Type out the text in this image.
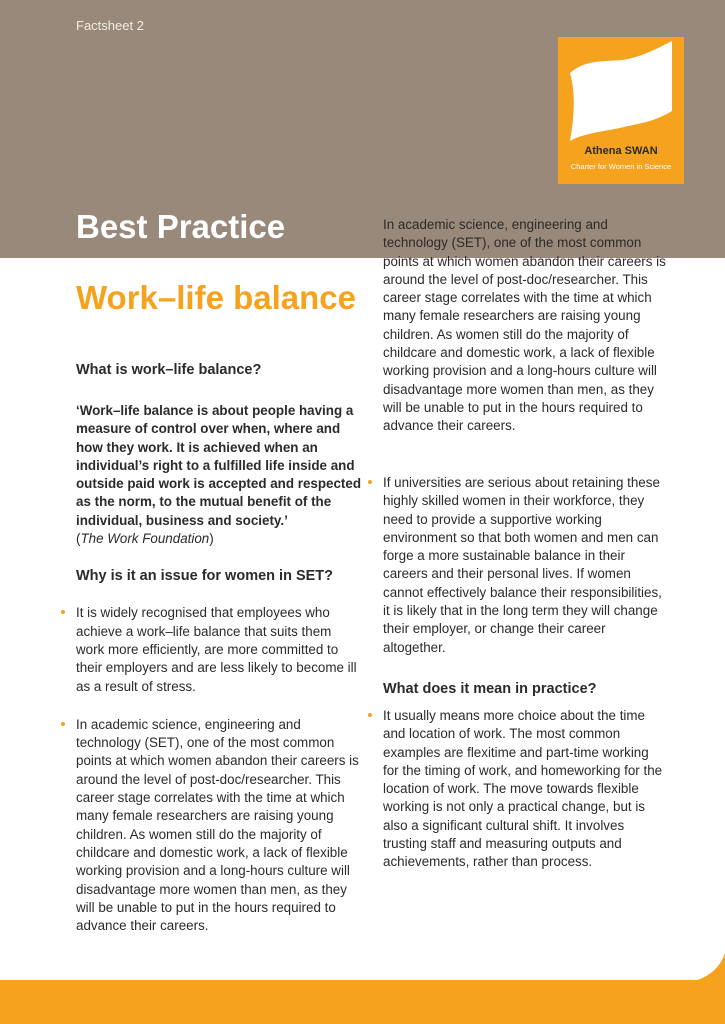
Factsheet 2
Athena SWAN
Charter for Women in Science
Best Practice
Work–life balance
What is work–life balance?

‘Work–life balance is about people having a measure of control over when, where and how they work. It is achieved when an individual’s right to a fulfilled life inside and outside paid work is accepted and respected as the norm, to the mutual benefit of the individual, business and society.’

(The Work Foundation)

Why is it an issue for women in SET?
It is widely recognised that employees who achieve a work–life balance that suits them work more efficiently, are more committed to their employers and are less likely to become ill as a result of stress.
In academic science, engineering and technology (SET), one of the most common points at which women abandon their careers is around the level of post-doc/researcher. This career stage correlates with the time at which many female researchers are raising young children. As women still do the majority of childcare and domestic work, a lack of flexible working provision and a long-hours culture will disadvantage more women than men, as they will be unable to put in the hours required to advance their careers.
In academic science, engineering and technology (SET), one of the most common points at which women abandon their careers is around the level of post-doc/researcher. This career stage correlates with the time at which many female researchers are raising young children. As women still do the majority of childcare and domestic work, a lack of flexible working provision and a long-hours culture will disadvantage more women than men, as they will be unable to put in the hours required to advance their careers.
If universities are serious about retaining these highly skilled women in their workforce, they need to provide a supportive working environment so that both women and men can forge a more sustainable balance in their careers and their personal lives. If women cannot effectively balance their responsibilities, it is likely that in the long term they will change their employer, or change their career altogether.
What does it mean in practice?
It usually means more choice about the time and location of work. The most common examples are flexitime and part-time working for the timing of work, and homeworking for the location of work. The move towards flexible working is not only a practical change, but is also a significant cultural shift. It involves trusting staff and measuring outputs and achievements, rather than process.
